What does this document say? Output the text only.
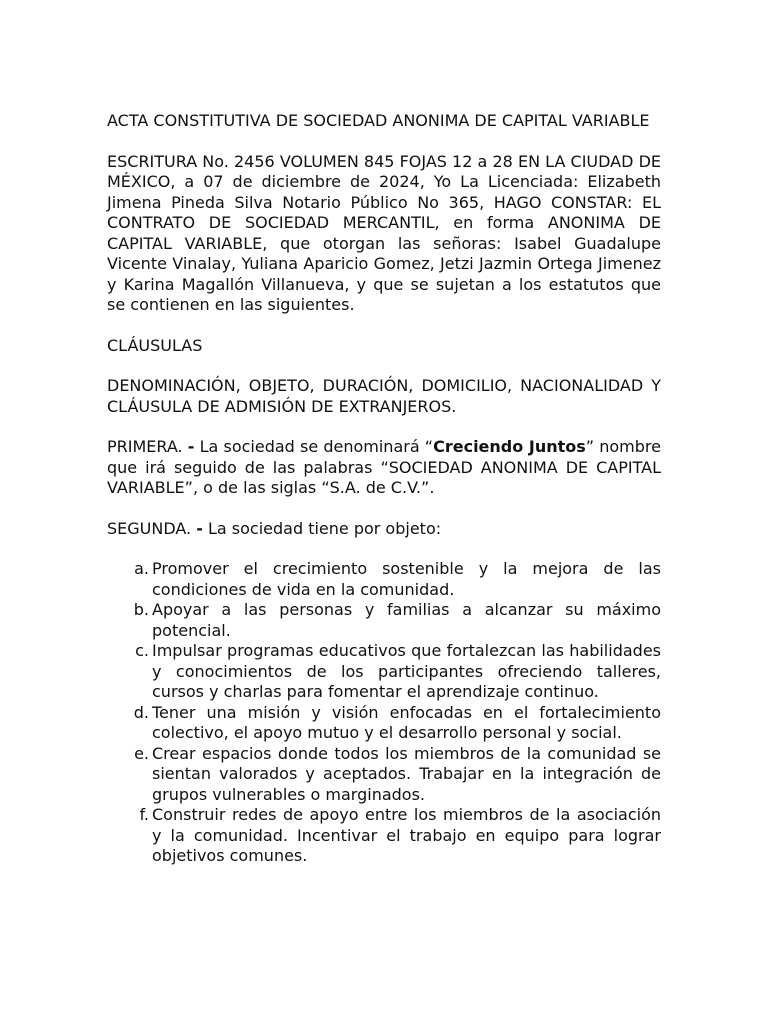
ACTA CONSTITUTIVA DE SOCIEDAD ANONIMA DE CAPITAL VARIABLE

ESCRITURA No. 2456 VOLUMEN 845 FOJAS 12 a 28 EN LA CIUDAD DE MÉXICO, a 07 de diciembre de 2024, Yo La Licenciada: Elizabeth Jimena Pineda Silva Notario Público No 365, HAGO CONSTAR: EL CONTRATO DE SOCIEDAD MERCANTIL, en forma ANONIMA DE CAPITAL VARIABLE, que otorgan las señoras: Isabel Guadalupe Vicente Vinalay, Yuliana Aparicio Gomez, Jetzi Jazmin Ortega Jimenez y Karina Magallón Villanueva, y que se sujetan a los estatutos que se contienen en las siguientes.

CLÁUSULAS

DENOMINACIÓN, OBJETO, DURACIÓN, DOMICILIO, NACIONALIDAD Y CLÁUSULA DE ADMISIÓN DE EXTRANJEROS.

PRIMERA. - La sociedad se denominará “Creciendo Juntos” nombre que irá seguido de las palabras “SOCIEDAD ANONIMA DE CAPITAL VARIABLE”, o de las siglas “S.A. de C.V.”.

SEGUNDA. - La sociedad tiene por objeto:

a. Promover el crecimiento sostenible y la mejora de las condiciones de vida en la comunidad.
b. Apoyar a las personas y familias a alcanzar su máximo potencial.
c. Impulsar programas educativos que fortalezcan las habilidades y conocimientos de los participantes ofreciendo talleres, cursos y charlas para fomentar el aprendizaje continuo.
d. Tener una misión y visión enfocadas en el fortalecimiento colectivo, el apoyo mutuo y el desarrollo personal y social.
e. Crear espacios donde todos los miembros de la comunidad se sientan valorados y aceptados. Trabajar en la integración de grupos vulnerables o marginados.
f. Construir redes de apoyo entre los miembros de la asociación y la comunidad. Incentivar el trabajo en equipo para lograr objetivos comunes.
